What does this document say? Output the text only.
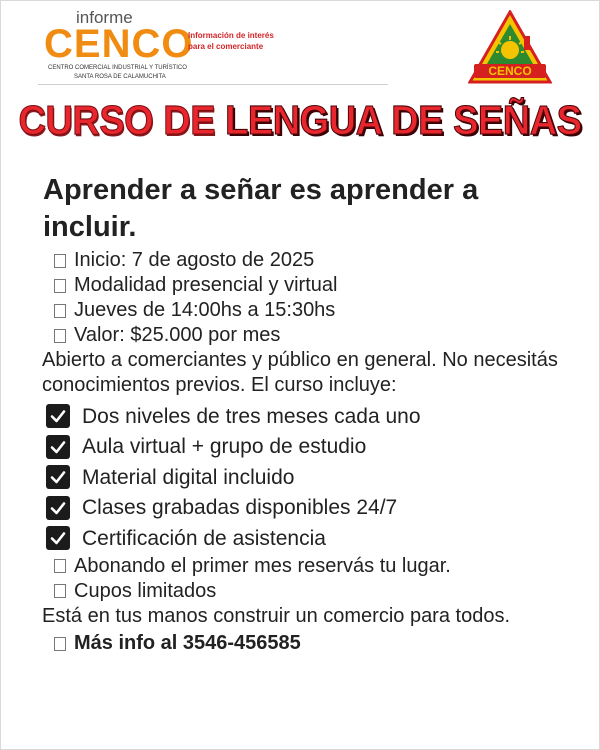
informe
CENCO
Información de interés para el comerciante
CENTRO COMERCIAL INDUSTRIAL Y TURÍSTICO
SANTA ROSA DE CALAMUCHITA	CENCO
CURSO DE LENGUA DE SEÑAS
Aprender a señar es aprender a incluir.
Inicio: 7 de agosto de 2025
Modalidad presencial y virtual
Jueves de 14:00hs a 15:30hs
Valor: $25.000 por mes
Abierto a comerciantes y público en general. No necesitás conocimientos previos. El curso incluye:
Dos niveles de tres meses cada uno
Aula virtual + grupo de estudio
Material digital incluido
Clases grabadas disponibles 24/7
Certificación de asistencia
Abonando el primer mes reservás tu lugar.
Cupos limitados
Está en tus manos construir un comercio para todos.
Más info al 3546-456585
